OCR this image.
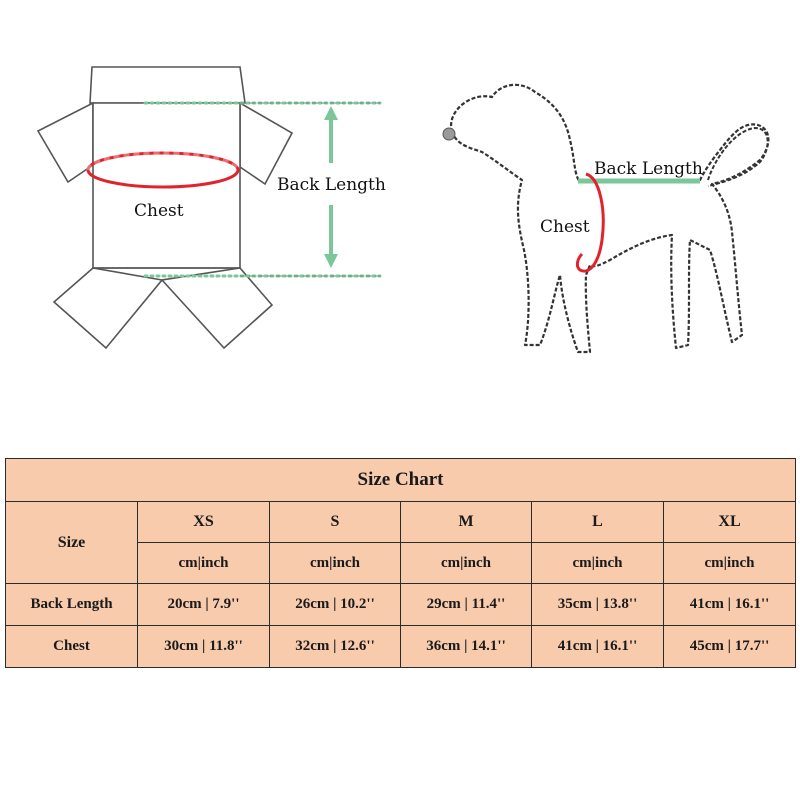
Chest
Back Length
Back Length
Chest
Size Chart					
Size	XS	S	M	L	XL
	cm|inch	cm|inch	cm|inch	cm|inch	cm|inch
Back Length	20cm | 7.9''	26cm | 10.2''	29cm | 11.4''	35cm | 13.8''	41cm | 16.1''
Chest	30cm | 11.8''	32cm | 12.6''	36cm | 14.1''	41cm | 16.1''	45cm | 17.7''
